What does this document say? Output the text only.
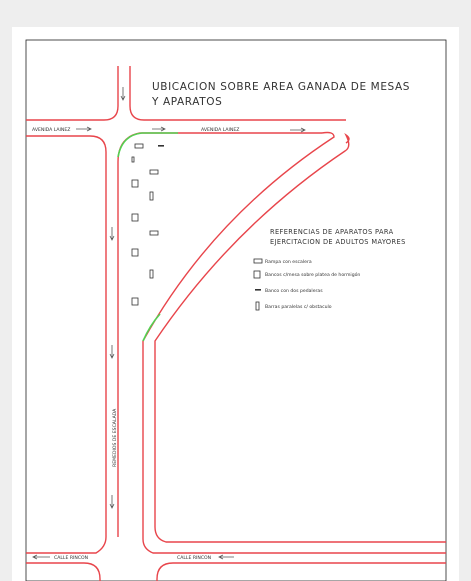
UBICACION SOBRE AREA GANADA DE MESAS
Y APARATOS
AVENIDA LAINEZ	AVENIDA LAINEZ
REMEDIOS DE ESCALADA
CALLE RINCON	CALLE RINCON
REFERENCIAS DE APARATOS PARA
EJERCITACION DE ADULTOS MAYORES
Rampa con escalera
Bancos c/mesa sobre platea de hormigón
Banco con dos pedaleras
Barras paralelas c/ obstaculo
